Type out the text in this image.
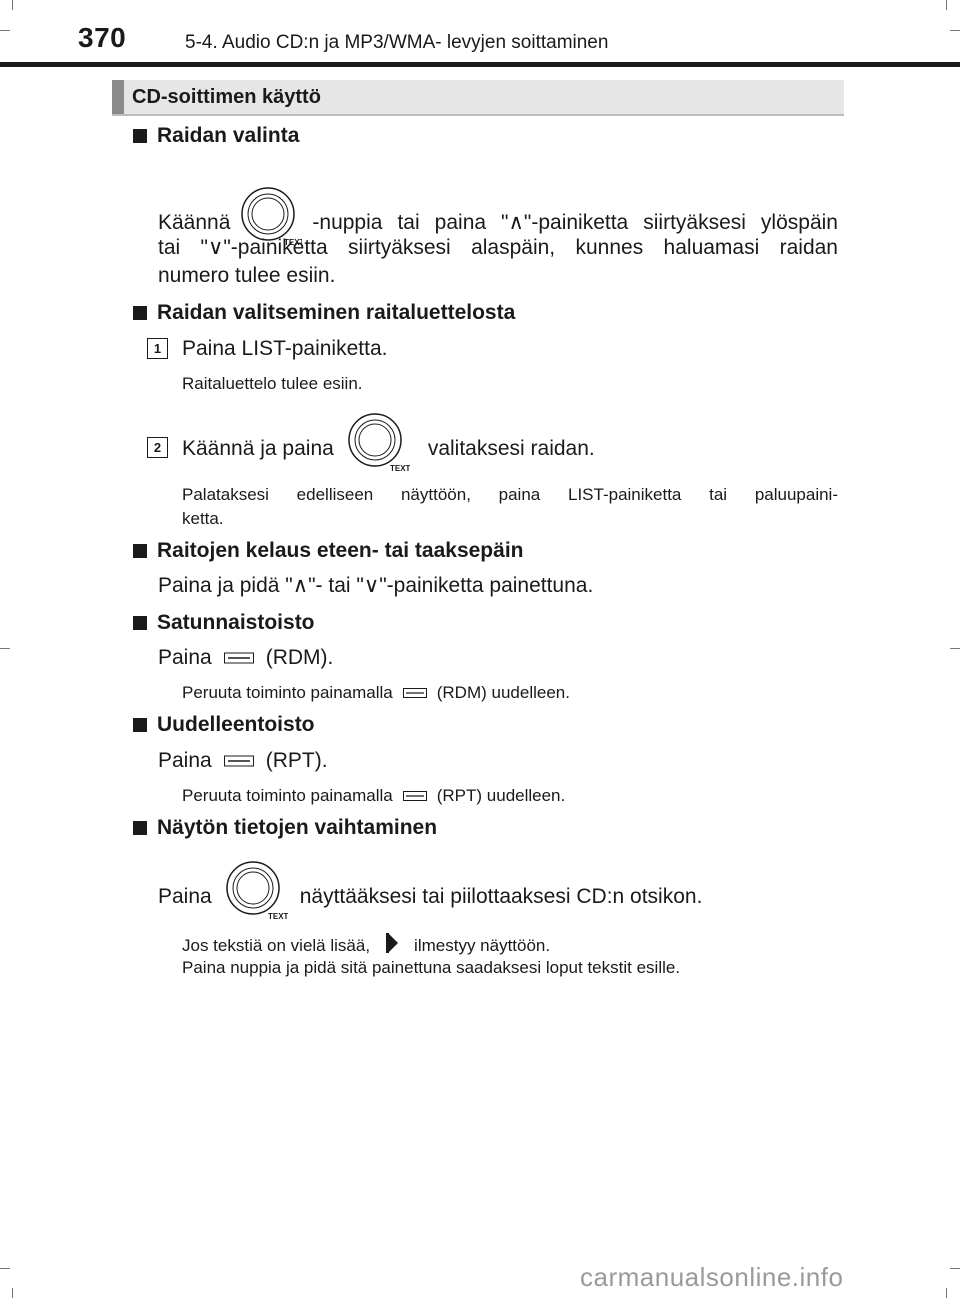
370	5-4. Audio CD:n ja MP3/WMA- levyjen soittaminen
CD-soittimen käyttö
Raidan valinta
Käännä
TEX
-nuppia tai paina "∧"-painiketta siirtyäksesi ylöspäin
tai "∨"-painiketta siirtyäksesi alaspäin, kunnes haluamasi raidan
numero tulee esiin.
Raidan valitseminen raitaluettelosta
1 Paina LIST-painiketta.
Raitaluettelo tulee esiin.
2 Käännä ja paina
TEXT
valitaksesi raidan.
Palataksesi edelliseen näyttöön, paina LIST-painiketta tai paluupaini-
ketta.
Raitojen kelaus eteen- tai taaksepäin
Paina ja pidä "∧"- tai "∨"-painiketta painettuna.
Satunnaistoisto
Paina	(RDM).
Peruuta toiminto painamalla	(RDM) uudelleen.
Uudelleentoisto
Paina	(RPT).
Peruuta toiminto painamalla	(RPT) uudelleen.
Näytön tietojen vaihtaminen
Paina
TEXT
näyttääksesi tai piilottaaksesi CD:n otsikon.
Jos tekstiä on vielä lisää,	ilmestyy näyttöön.
Paina nuppia ja pidä sitä painettuna saadaksesi loput tekstit esille.
carmanualsonline.info
